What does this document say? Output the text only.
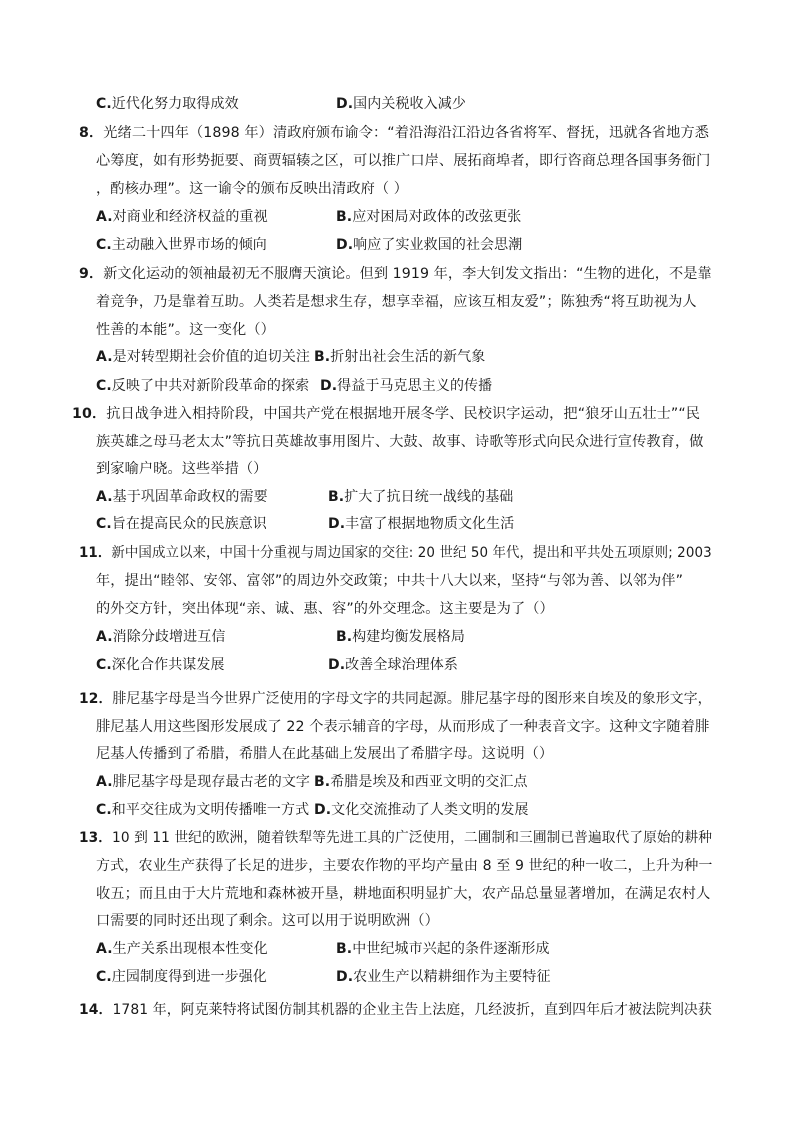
C.近代化努力取得成效	D.国内关税收入减少
8．光绪二十四年（1898 年）清政府颁布谕令：“着沿海沿江沿边各省将军、督抚，迅就各省地方悉
心筹度，如有形势扼要、商贾辐辏之区，可以推广口岸、展拓商埠者，即行咨商总理各国事务衙门
，酌核办理”。这一谕令的颁布反映出清政府（ ）
A.对商业和经济权益的重视	B.应对困局对政体的改弦更张
C.主动融入世界市场的倾向	D.响应了实业救国的社会思潮
9．新文化运动的领袖最初无不服膺天演论。但到 1919 年，李大钊发文指出：“生物的进化，不是靠
着竞争，乃是靠着互助。人类若是想求生存，想享幸福，应该互相友爱”；陈独秀“将互助视为人
性善的本能”。这一变化（）
A.是对转型期社会价值的迫切关注 B.折射出社会生活的新气象
C.反映了中共对新阶段革命的探索 D.得益于马克思主义的传播
10．抗日战争进入相持阶段，中国共产党在根据地开展冬学、民校识字运动，把“狼牙山五壮士”“民
族英雄之母马老太太”等抗日英雄故事用图片、大鼓、故事、诗歌等形式向民众进行宣传教育，做
到家喻户晓。这些举措（）
A.基于巩固革命政权的需要	B.扩大了抗日统一战线的基础
C.旨在提高民众的民族意识	D.丰富了根据地物质文化生活
11．新中国成立以来，中国十分重视与周边国家的交往: 20 世纪 50 年代，提出和平共处五项原则; 2003
年，提出“睦邻、安邻、富邻”的周边外交政策；中共十八大以来，坚持“与邻为善、以邻为伴”
的外交方针，突出体现“亲、诚、惠、容”的外交理念。这主要是为了（）
A.消除分歧增进互信	B.构建均衡发展格局
C.深化合作共谋发展	D.改善全球治理体系
12．腓尼基字母是当今世界广泛使用的字母文字的共同起源。腓尼基字母的图形来自埃及的象形文字，
腓尼基人用这些图形发展成了 22 个表示辅音的字母，从而形成了一种表音文字。这种文字随着腓
尼基人传播到了希腊，希腊人在此基础上发展出了希腊字母。这说明（）
A.腓尼基字母是现存最古老的文字 B.希腊是埃及和西亚文明的交汇点
C.和平交往成为文明传播唯一方式 D.文化交流推动了人类文明的发展
13．10 到 11 世纪的欧洲，随着铁犁等先进工具的广泛使用，二圃制和三圃制已普遍取代了原始的耕种
方式，农业生产获得了长足的进步，主要农作物的平均产量由 8 至 9 世纪的种一收二，上升为种一
收五；而且由于大片荒地和森林被开垦，耕地面积明显扩大，农产品总量显著增加，在满足农村人
口需要的同时还出现了剩余。这可以用于说明欧洲（）
A.生产关系出现根本性变化	B.中世纪城市兴起的条件逐渐形成
C.庄园制度得到进一步强化	D.农业生产以精耕细作为主要特征
14．1781 年，阿克莱特将试图仿制其机器的企业主告上法庭，几经波折，直到四年后才被法院判决获
